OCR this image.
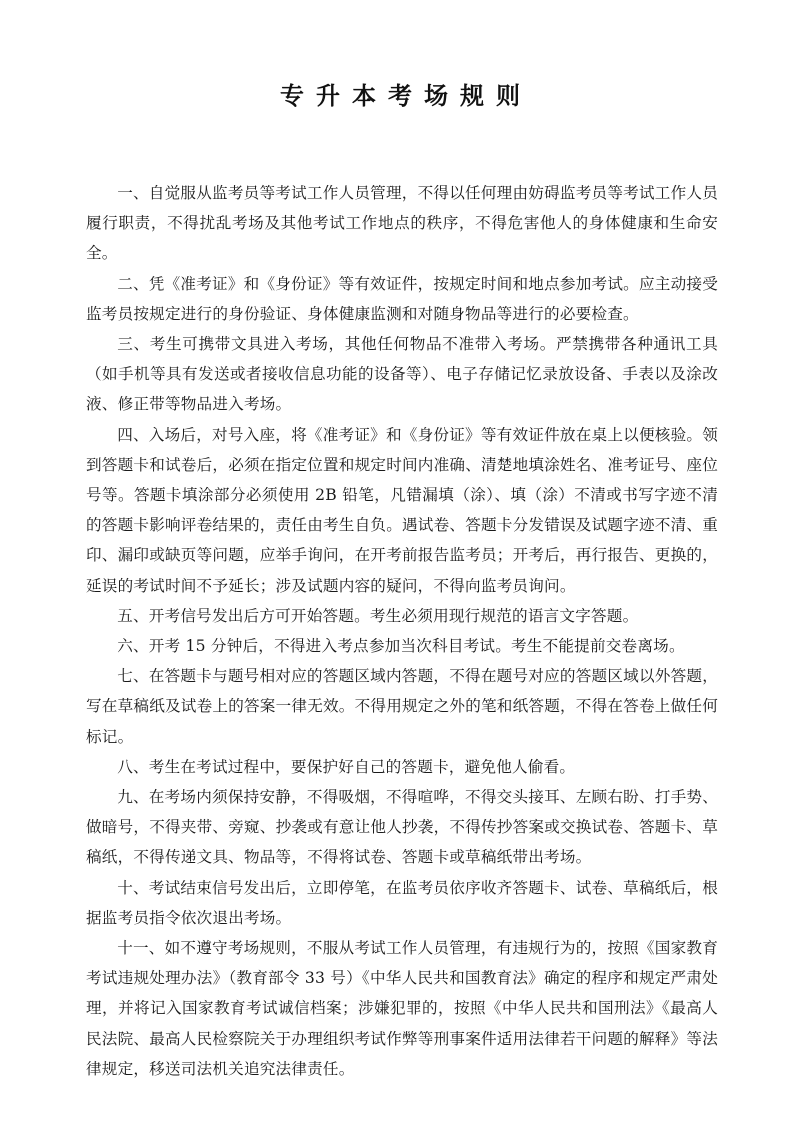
专升本考场规则

一、自觉服从监考员等考试工作人员管理，不得以任何理由妨碍监考员等考试工作人员履行职责，不得扰乱考场及其他考试工作地点的秩序，不得危害他人的身体健康和生命安全。

二、凭《准考证》和《身份证》等有效证件，按规定时间和地点参加考试。应主动接受监考员按规定进行的身份验证、身体健康监测和对随身物品等进行的必要检查。

三、考生可携带文具进入考场，其他任何物品不准带入考场。严禁携带各种通讯工具（如手机等具有发送或者接收信息功能的设备等）、电子存储记忆录放设备、手表以及涂改液、修正带等物品进入考场。

四、入场后，对号入座，将《准考证》和《身份证》等有效证件放在桌上以便核验。领到答题卡和试卷后，必须在指定位置和规定时间内准确、清楚地填涂姓名、准考证号、座位号等。答题卡填涂部分必须使用 2B 铅笔，凡错漏填（涂）、填（涂）不清或书写字迹不清的答题卡影响评卷结果的，责任由考生自负。遇试卷、答题卡分发错误及试题字迹不清、重印、漏印或缺页等问题，应举手询问，在开考前报告监考员；开考后，再行报告、更换的，延误的考试时间不予延长；涉及试题内容的疑问，不得向监考员询问。

五、开考信号发出后方可开始答题。考生必须用现行规范的语言文字答题。

六、开考 15 分钟后，不得进入考点参加当次科目考试。考生不能提前交卷离场。

七、在答题卡与题号相对应的答题区域内答题，不得在题号对应的答题区域以外答题，写在草稿纸及试卷上的答案一律无效。不得用规定之外的笔和纸答题，不得在答卷上做任何标记。

八、考生在考试过程中，要保护好自己的答题卡，避免他人偷看。

九、在考场内须保持安静，不得吸烟，不得喧哗，不得交头接耳、左顾右盼、打手势、做暗号，不得夹带、旁窥、抄袭或有意让他人抄袭，不得传抄答案或交换试卷、答题卡、草稿纸，不得传递文具、物品等，不得将试卷、答题卡或草稿纸带出考场。

十、考试结束信号发出后，立即停笔，在监考员依序收齐答题卡、试卷、草稿纸后，根据监考员指令依次退出考场。

十一、如不遵守考场规则，不服从考试工作人员管理，有违规行为的，按照《国家教育考试违规处理办法》（教育部令 33 号）《中华人民共和国教育法》确定的程序和规定严肃处理，并将记入国家教育考试诚信档案；涉嫌犯罪的，按照《中华人民共和国刑法》《最高人民法院、最高人民检察院关于办理组织考试作弊等刑事案件适用法律若干问题的解释》等法律规定，移送司法机关追究法律责任。
